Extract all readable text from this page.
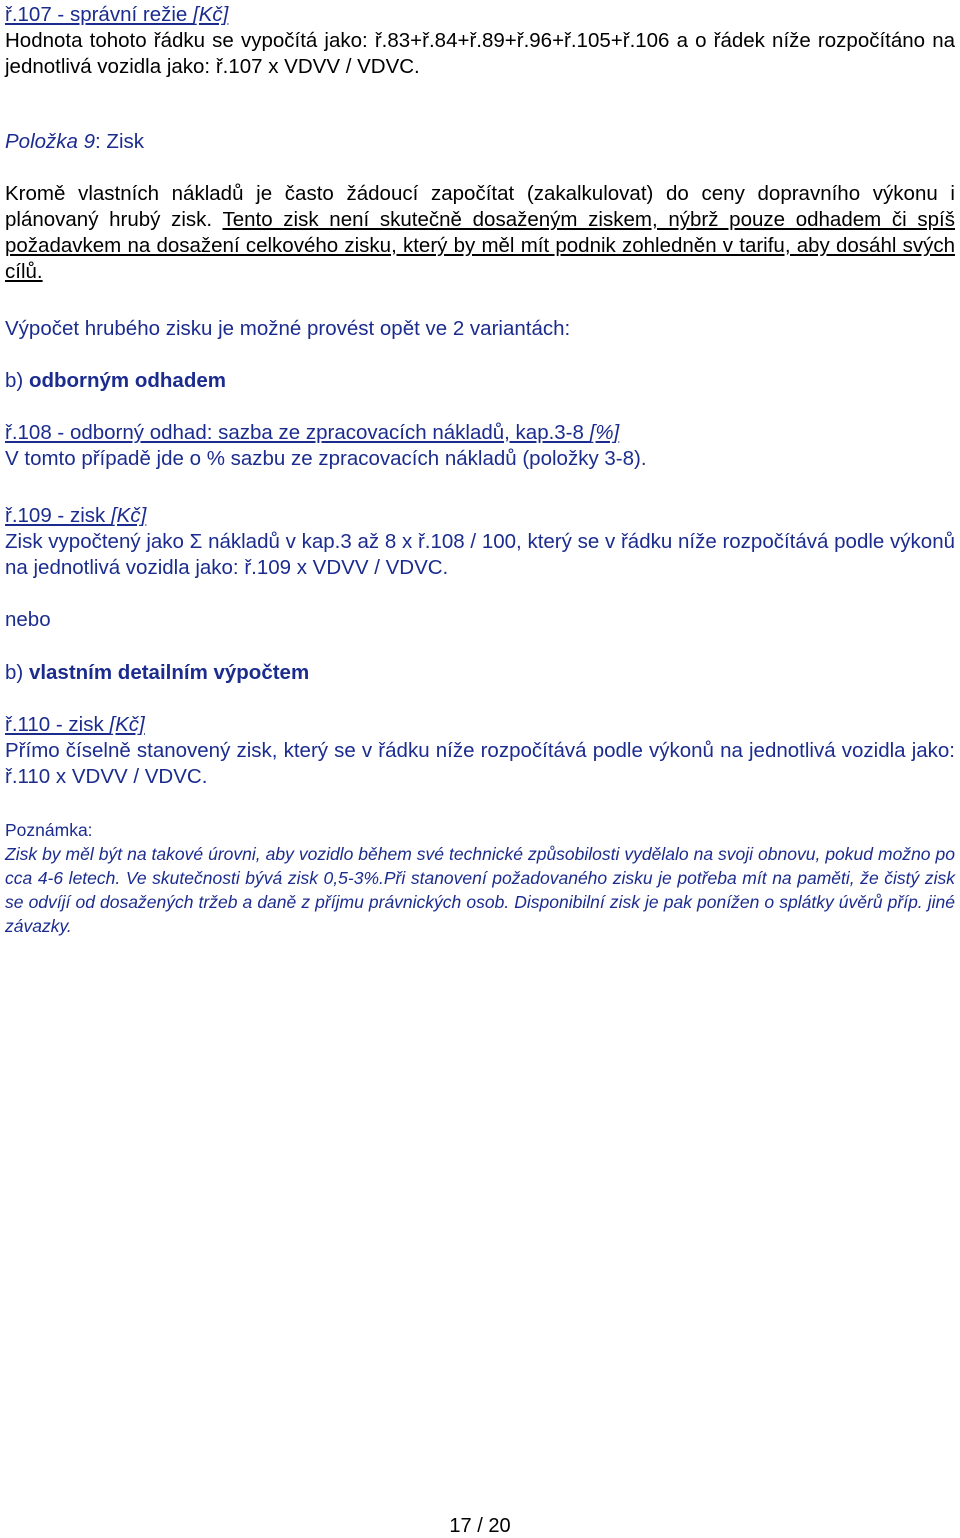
ř.107 - správní režie [Kč]

Hodnota tohoto řádku se vypočítá jako: ř.83+ř.84+ř.89+ř.96+ř.105+ř.106 a o řádek níže rozpočítáno na jednotlivá vozidla jako: ř.107 x VDVV / VDVC.

Položka 9: Zisk

Kromě vlastních nákladů je často žádoucí započítat (zakalkulovat) do ceny dopravního výkonu i plánovaný hrubý zisk. Tento zisk není skutečně dosaženým ziskem, nýbrž pouze odhadem či spíš požadavkem na dosažení celkového zisku, který by měl mít podnik zohledněn v tarifu, aby dosáhl svých cílů.

Výpočet hrubého zisku je možné provést opět ve 2 variantách:

b) odborným odhadem

ř.108 - odborný odhad: sazba ze zpracovacích nákladů, kap.3-8 [%]

V tomto případě jde o % sazbu ze zpracovacích nákladů (položky 3-8).

ř.109 - zisk [Kč]

Zisk vypočtený jako Σ nákladů v kap.3 až 8 x ř.108 / 100, který se v řádku níže rozpočítává podle výkonů na jednotlivá vozidla jako: ř.109 x VDVV / VDVC.

nebo

b) vlastním detailním výpočtem

ř.110 - zisk [Kč]

Přímo číselně stanovený zisk, který se v řádku níže rozpočítává podle výkonů na jednotlivá vozidla jako: ř.110 x VDVV / VDVC.

Poznámka:

Zisk by měl být na takové úrovni, aby vozidlo během své technické způsobilosti vydělalo na svoji obnovu, pokud možno po cca 4-6 letech. Ve skutečnosti bývá zisk 0,5-3%.Při stanovení požadovaného zisku je potřeba mít na paměti, že čistý zisk se odvíjí od dosažených tržeb a daně z příjmu právnických osob. Disponibilní zisk je pak ponížen o splátky úvěrů příp. jiné závazky.

17 / 20
